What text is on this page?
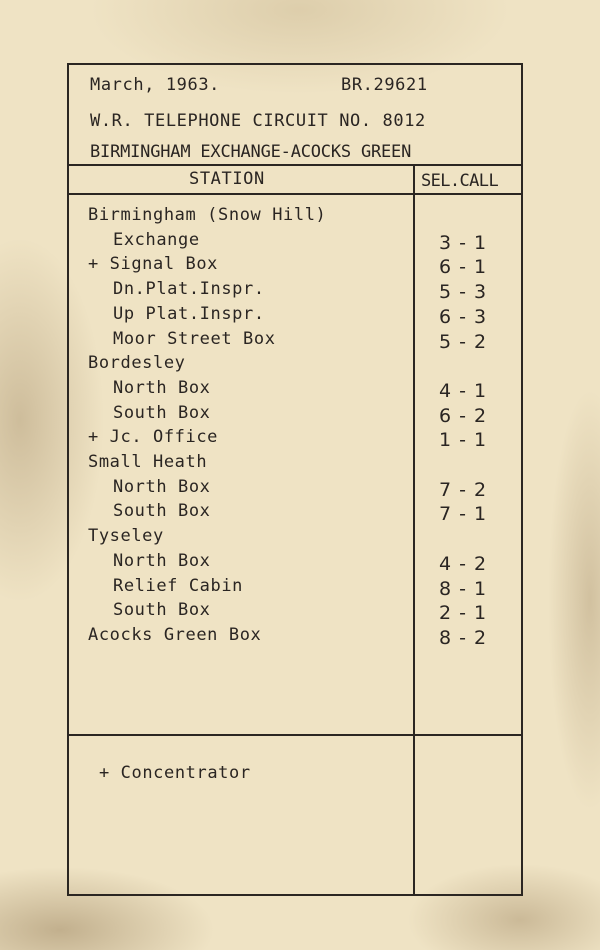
March, 1963.	BR.29621
W.R. TELEPHONE CIRCUIT NO. 8012
BIRMINGHAM EXCHANGE-ACOCKS GREEN
STATION	SEL.CALL
Birmingham (Snow Hill)
Exchange	3 - 1
+ Signal Box	6 - 1
Dn.Plat.Inspr.	5 - 3
Up Plat.Inspr.	6 - 3
Moor Street Box	5 - 2
Bordesley
North Box	4 - 1
South Box	6 - 2
+ Jc. Office	1 - 1
Small Heath
North Box	7 - 2
South Box	7 - 1
Tyseley
North Box	4 - 2
Relief Cabin	8 - 1
South Box	2 - 1
Acocks Green Box	8 - 2
+ Concentrator
